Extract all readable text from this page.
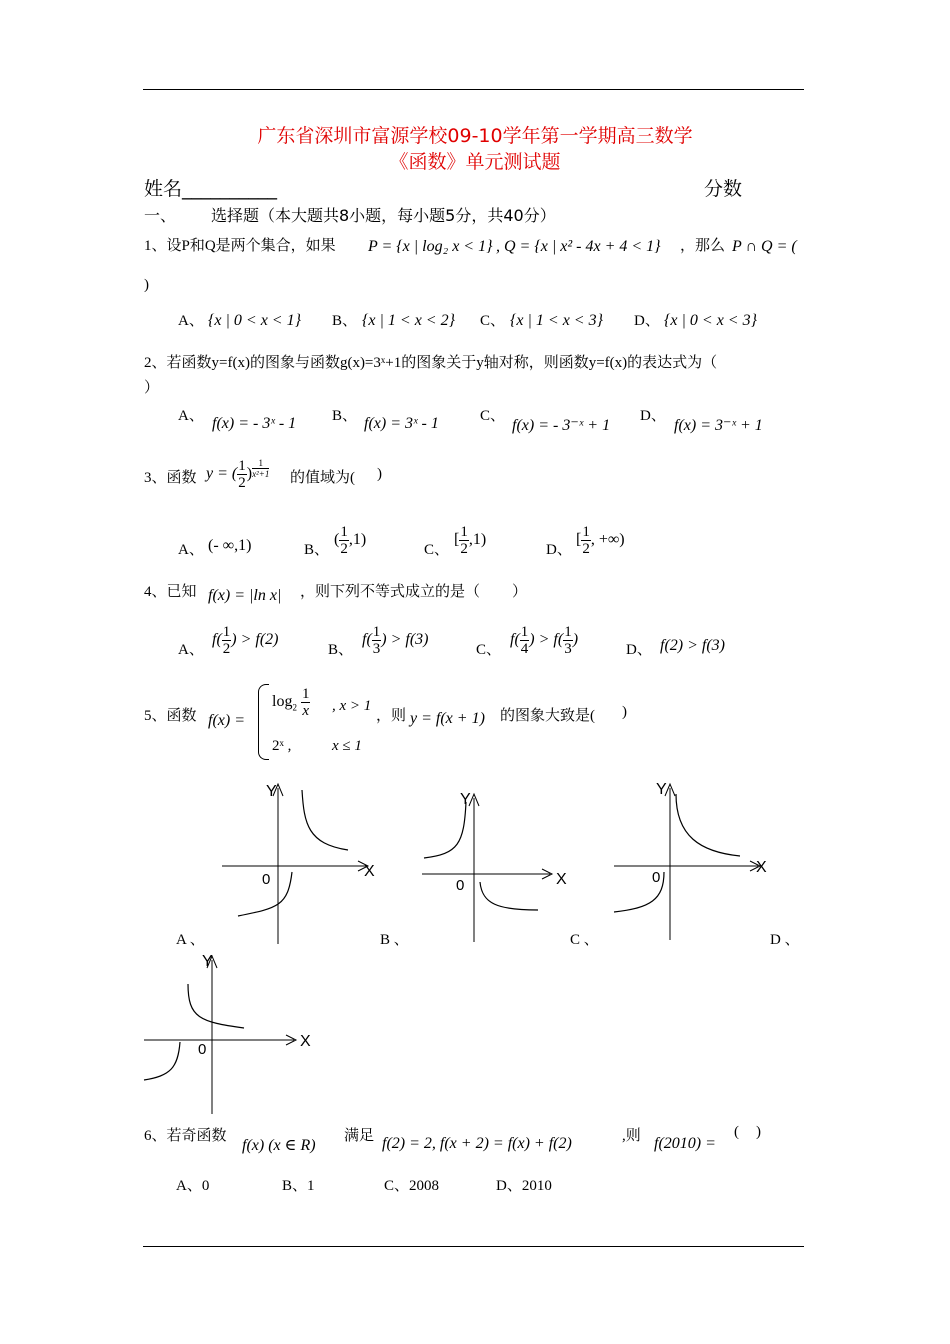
广东省深圳市富源学校09-10学年第一学期高三数学
《函数》单元测试题
姓名__________	分数
一、 选择题（本大题共8小题，每小题5分，共40分）
1、设P和Q是两个集合，如果 P = {x | log₂ x < 1} , Q = {x | x² - 4x + 4 < 1} ，那么 P ∩ Q = (
)
A、 {x | 0 < x < 1} B、 {x | 1 < x < 2} C、 {x | 1 < x < 3} D、 {x | 0 < x < 3}
2、若函数y=f(x)的图象与函数g(x)=3ˣ+1的图象关于y轴对称，则函数y=f(x)的表达式为（
）
A、 f(x) = - 3ˣ - 1 B、 f(x) = 3ˣ - 1	C、
f(x) = - 3⁻ˣ + 1
D、
f(x) = 3⁻ˣ + 1
3、函数 y = ( $\frac{1}{2}$ ) $\frac{1}{\text{x²+1}}$ 的值域为( )
A、 (- ∞,1)	B、
( $\frac{1}{2} ,1$)
C、
[ $\frac{1}{2} ,1$)
D、
[ $\frac{1}{2}$ , +∞)
4、已知 f(x) = |ln x| ，则下列不等式成立的是（ ）
A、
$f( \frac{1}{2}$ ) > f(2)
B、
$f( \frac{1}{3}$ ) > f(3)
C、
$f( \frac{1}{4}$ ) > $f( \frac{1}{3}$ )
D、 f(2) > f(3)
5、函数 f(x) =
$\log_2 \frac{1}{x}$ , x > 1
2ˣ ,	x ≤ 1
，则 y = f(x + 1) 的图象大致是( )
Y
X
0
A 、
Y
X
0
B 、
Y
X
0
C 、	D 、
Y
X
0
6、若奇函数
f(x) (x ∈ R)
满足 f(2) = 2, f(x + 2) = f(x) + f(2)	,则 f(2010) =
( )
A、0	B、1	C、2008	D、2010
